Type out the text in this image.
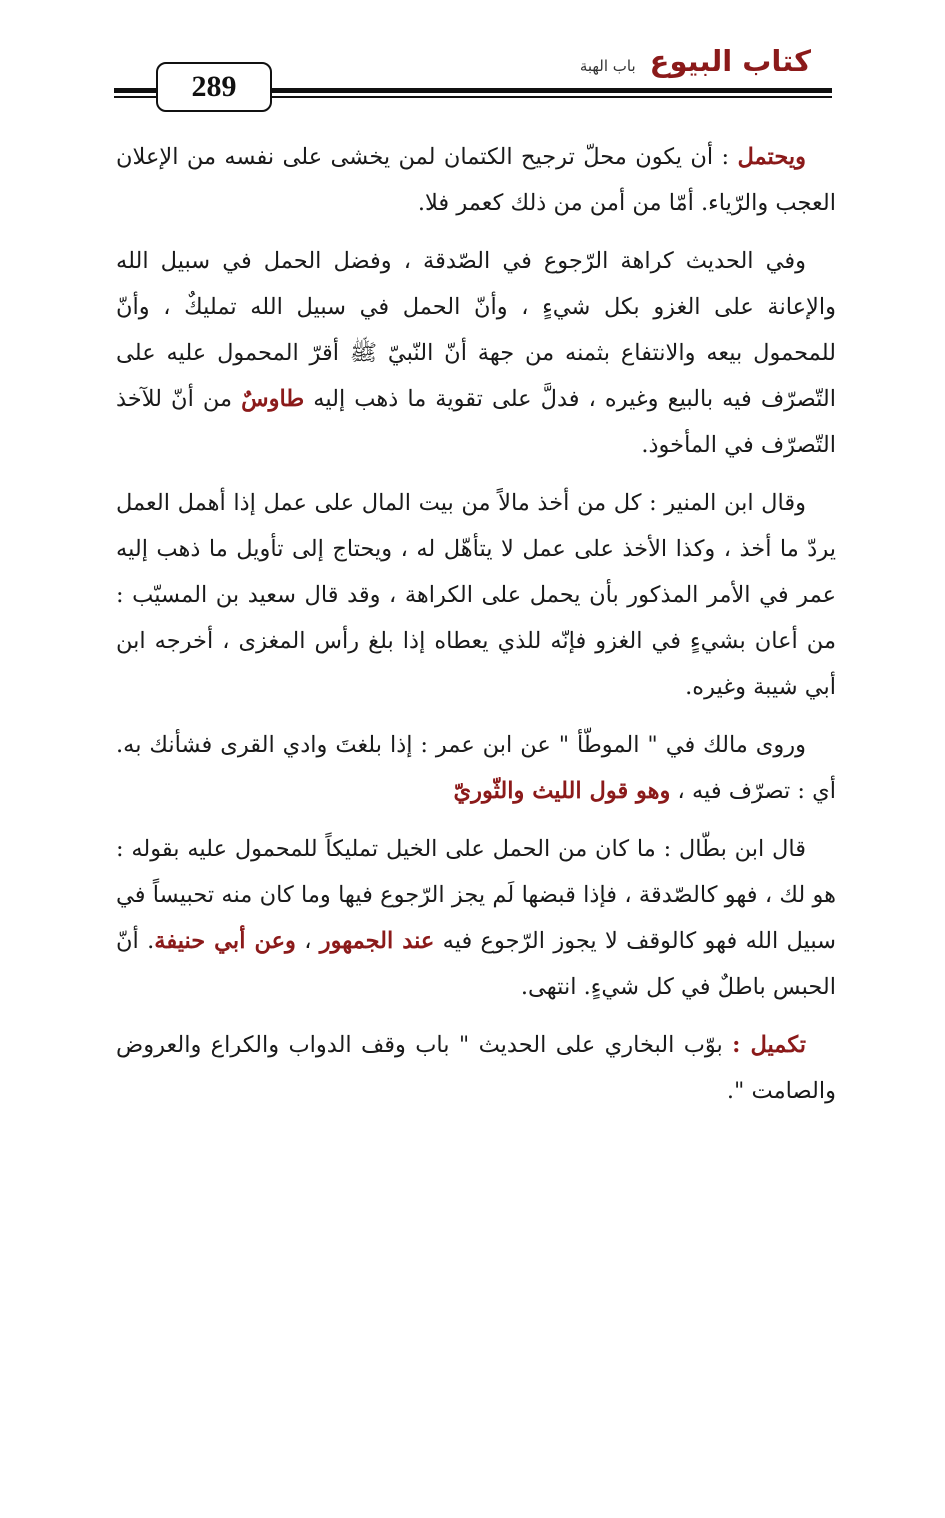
289
كتاب البيوع
باب الهبة

ويحتمل : أن يكون محلّ ترجيح الكتمان لمن يخشى على نفسه من الإعلان العجب والرّياء. أمّا من أمن من ذلك كعمر فلا.

وفي الحديث كراهة الرّجوع في الصّدقة ، وفضل الحمل في سبيل الله والإعانة على الغزو بكل شيءٍ ، وأنّ الحمل في سبيل الله تمليكٌ ، وأنّ للمحمول بيعه والانتفاع بثمنه من جهة أنّ النّبيّ ﷺ أقرّ المحمول عليه على التّصرّف فيه بالبيع وغيره ، فدلَّ على تقوية ما ذهب إليه طاوسٌ من أنّ للآخذ التّصرّف في المأخوذ.

وقال ابن المنير : كل من أخذ مالاً من بيت المال على عمل إذا أهمل العمل يردّ ما أخذ ، وكذا الأخذ على عمل لا يتأهّل له ، ويحتاج إلى تأويل ما ذهب إليه عمر في الأمر المذكور بأن يحمل على الكراهة ، وقد قال سعيد بن المسيّب : من أعان بشيءٍ في الغزو فإنّه للذي يعطاه إذا بلغ رأس المغزى ، أخرجه ابن أبي شيبة وغيره.

وروى مالك في " الموطّأ " عن ابن عمر : إذا بلغتَ وادي القرى فشأنك به. أي : تصرّف فيه ، وهو قول الليث والثّوريّ

قال ابن بطّال : ما كان من الحمل على الخيل تمليكاً للمحمول عليه بقوله : هو لك ، فهو كالصّدقة ، فإذا قبضها لَم يجز الرّجوع فيها وما كان منه تحبيساً في سبيل الله فهو كالوقف لا يجوز الرّجوع فيه عند الجمهور ، وعن أبي حنيفة. أنّ الحبس باطلٌ في كل شيءٍ. انتهى.

تكميل : بوّب البخاري على الحديث " باب وقف الدواب والكراع والعروض والصامت ".
